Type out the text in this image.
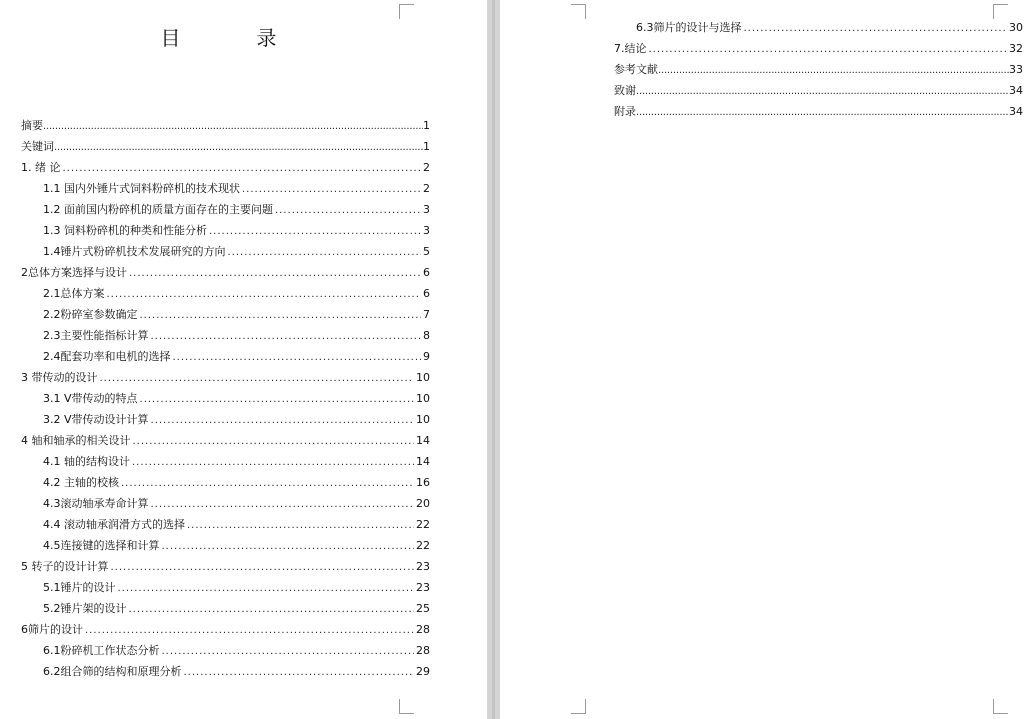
目　录
摘要 .....	1
关键词 .....	1
1. 绪 论 .....	2
1.1 国内外锤片式饲料粉碎机的技术现状 .....	2
1.2 面前国内粉碎机的质量方面存在的主要问题 .....	3
1.3 饲料粉碎机的种类和性能分析 .....	3
1.4锤片式粉碎机技术发展研究的方向 .....	5
2总体方案选择与设计 .....	6
2.1总体方案 .....	6
2.2粉碎室参数确定 .....	7
2.3主要性能指标计算 .....	8
2.4配套功率和电机的选择 .....	9
3 带传动的设计 .....	10
3.1 V带传动的特点 .....	10
3.2 V带传动设计计算 .....	10
4 轴和轴承的相关设计 .....	14
4.1 轴的结构设计 .....	14
4.2 主轴的校核 .....	16
4.3滚动轴承寿命计算 .....	20
4.4 滚动轴承润滑方式的选择 .....	22
4.5连接键的选择和计算 .....	22
5 转子的设计计算 .....	23
5.1锤片的设计 .....	23
5.2锤片架的设计 .....	25
6筛片的设计 .....	28
6.1粉碎机工作状态分析 .....	28
6.2组合筛的结构和原理分析 .....	29
6.3筛片的设计与选择 .....	30
7.结论 .....	32
参考文献 .....	33
致谢 .....	34
附录 .....	34
